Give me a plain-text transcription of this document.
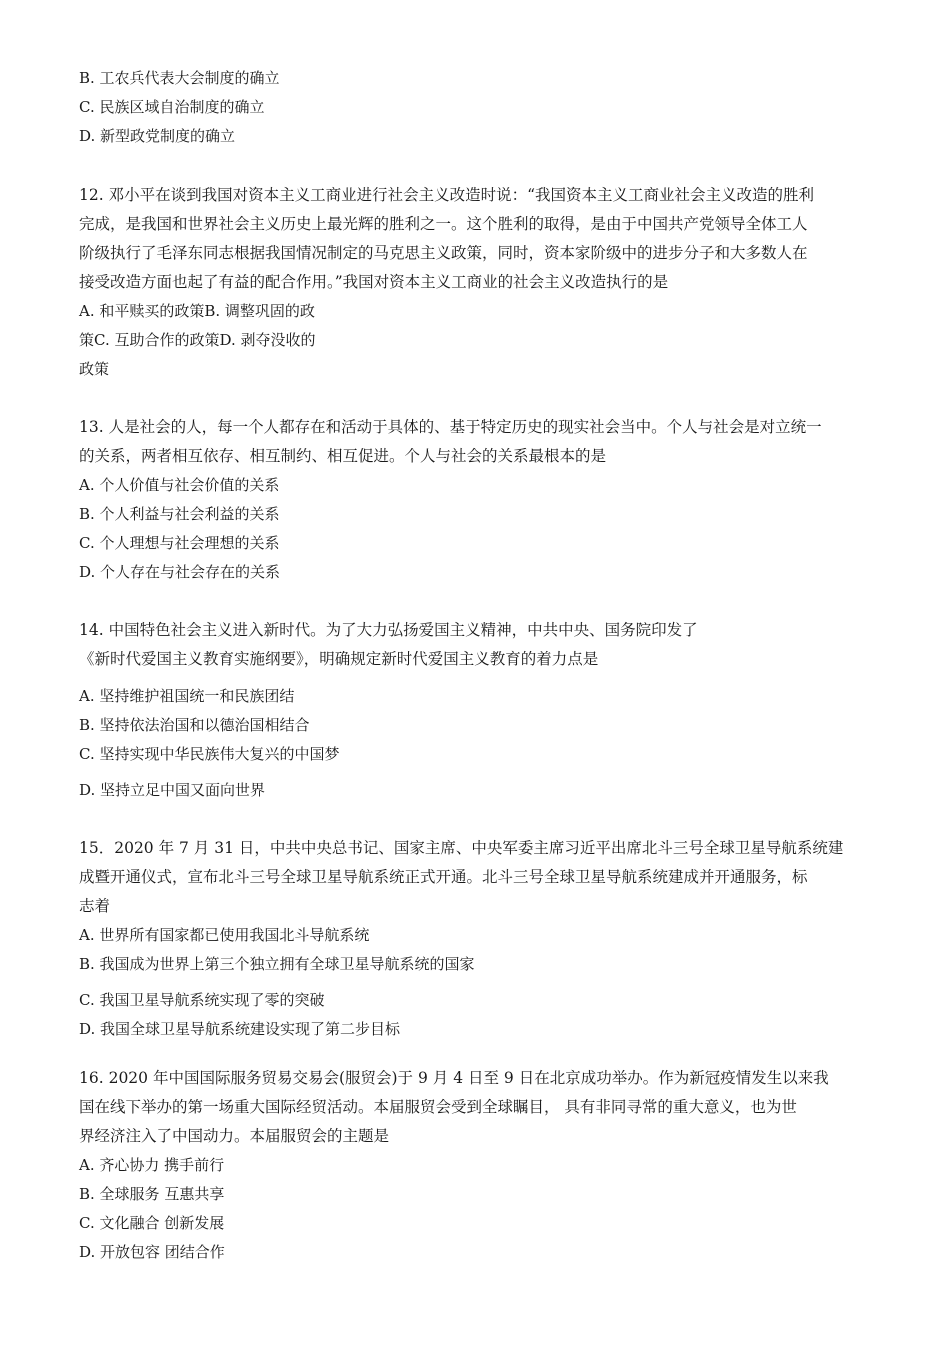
B. 工农兵代表大会制度的确立

C. 民族区域自治制度的确立

D. 新型政党制度的确立

12. 邓小平在谈到我国对资本主义工商业进行社会主义改造时说：“我国资本主义工商业社会主义改造的胜利

完成，是我国和世界社会主义历史上最光辉的胜利之一。这个胜利的取得，是由于中国共产党领导全体工人

阶级执行了毛泽东同志根据我国情况制定的马克思主义政策，同时，资本家阶级中的进步分子和大多数人在

接受改造方面也起了有益的配合作用。”我国对资本主义工商业的社会主义改造执行的是

A. 和平赎买的政策B. 调整巩固的政

策C. 互助合作的政策D. 剥夺没收的

政策

13. 人是社会的人，每一个人都存在和活动于具体的、基于特定历史的现实社会当中。个人与社会是对立统一

的关系，两者相互依存、相互制约、相互促进。个人与社会的关系最根本的是

A. 个人价值与社会价值的关系

B. 个人利益与社会利益的关系

C. 个人理想与社会理想的关系

D. 个人存在与社会存在的关系

14. 中国特色社会主义进入新时代。为了大力弘扬爱国主义精神，中共中央、国务院印发了

《新时代爱国主义教育实施纲要》，明确规定新时代爱国主义教育的着力点是

A. 坚持维护祖国统一和民族团结

B. 坚持依法治国和以德治国相结合

C. 坚持实现中华民族伟大复兴的中国梦

D. 坚持立足中国又面向世界

15．2020 年 7 月 31 日，中共中央总书记、国家主席、中央军委主席习近平出席北斗三号全球卫星导航系统建

成暨开通仪式，宣布北斗三号全球卫星导航系统正式开通。北斗三号全球卫星导航系统建成并开通服务，标

志着

A. 世界所有国家都已使用我国北斗导航系统

B. 我国成为世界上第三个独立拥有全球卫星导航系统的国家

C. 我国卫星导航系统实现了零的突破

D. 我国全球卫星导航系统建设实现了第二步目标

16. 2020 年中国国际服务贸易交易会(服贸会)于 9 月 4 日至 9 日在北京成功举办。作为新冠疫情发生以来我

国在线下举办的第一场重大国际经贸活动。本届服贸会受到全球瞩目， 具有非同寻常的重大意义，也为世

界经济注入了中国动力。本届服贸会的主题是

A. 齐心协力 携手前行

B. 全球服务 互惠共享

C. 文化融合 创新发展

D. 开放包容 团结合作
